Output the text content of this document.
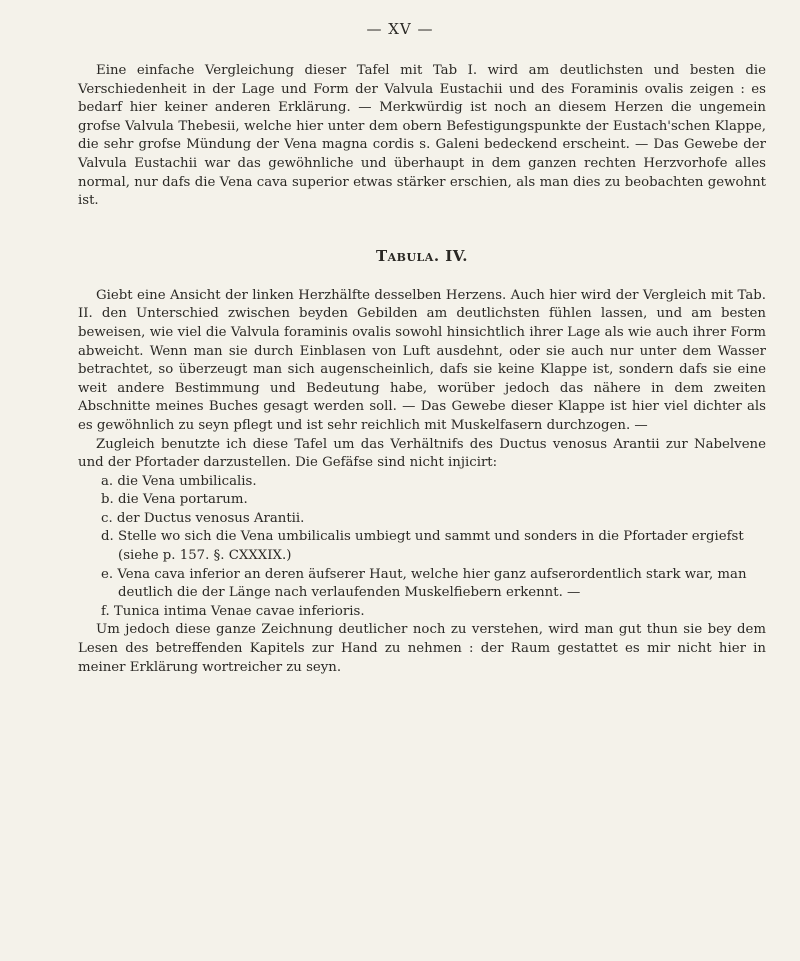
— XV —

Eine einfache Vergleichung dieser Tafel mit Tab I. wird am deutlichsten und besten die Verschiedenheit in der Lage und Form der Valvula Eustachii und des Foraminis ovalis zeigen : es bedarf hier keiner anderen Erklärung. — Merkwürdig ist noch an diesem Herzen die ungemein grofse Valvula Thebesii, welche hier unter dem obern Befestigungspunkte der Eustach'schen Klappe, die sehr grofse Mündung der Vena magna cordis s. Galeni bedeckend erscheint. — Das Gewebe der Valvula Eustachii war das gewöhnliche und überhaupt in dem ganzen rechten Herzvorhofe alles normal, nur dafs die Vena cava superior etwas stärker erschien, als man dies zu beobachten gewohnt ist.

Tabula. IV.

Giebt eine Ansicht der linken Herzhälfte desselben Herzens. Auch hier wird der Vergleich mit Tab. II. den Unterschied zwischen beyden Gebilden am deutlichsten fühlen lassen, und am besten beweisen, wie viel die Valvula foraminis ovalis sowohl hinsichtlich ihrer Lage als wie auch ihrer Form abweicht. Wenn man sie durch Einblasen von Luft ausdehnt, oder sie auch nur unter dem Wasser betrachtet, so überzeugt man sich augenscheinlich, dafs sie keine Klappe ist, sondern dafs sie eine weit andere Bestimmung und Bedeutung habe, worüber jedoch das nähere in dem zweiten Abschnitte meines Buches gesagt werden soll. — Das Gewebe dieser Klappe ist hier viel dichter als es gewöhnlich zu seyn pflegt und ist sehr reichlich mit Muskelfasern durchzogen. —

Zugleich benutzte ich diese Tafel um das Verhältnifs des Ductus venosus Arantii zur Nabelvene und der Pfortader darzustellen. Die Gefäfse sind nicht injicirt:

a. die Vena umbilicalis.
b. die Vena portarum.
c. der Ductus venosus Arantii.
d. Stelle wo sich die Vena umbilicalis umbiegt und sammt und sonders in die Pfortader ergiefst (siehe p. 157. §. CXXXIX.)
e. Vena cava inferior an deren äufserer Haut, welche hier ganz aufserordentlich stark war, man deutlich die der Länge nach verlaufenden Muskelfiebern erkennt. —
f. Tunica intima Venae cavae inferioris.

Um jedoch diese ganze Zeichnung deutlicher noch zu verstehen, wird man gut thun sie bey dem Lesen des betreffenden Kapitels zur Hand zu nehmen : der Raum gestattet es mir nicht hier in meiner Erklärung wortreicher zu seyn.
